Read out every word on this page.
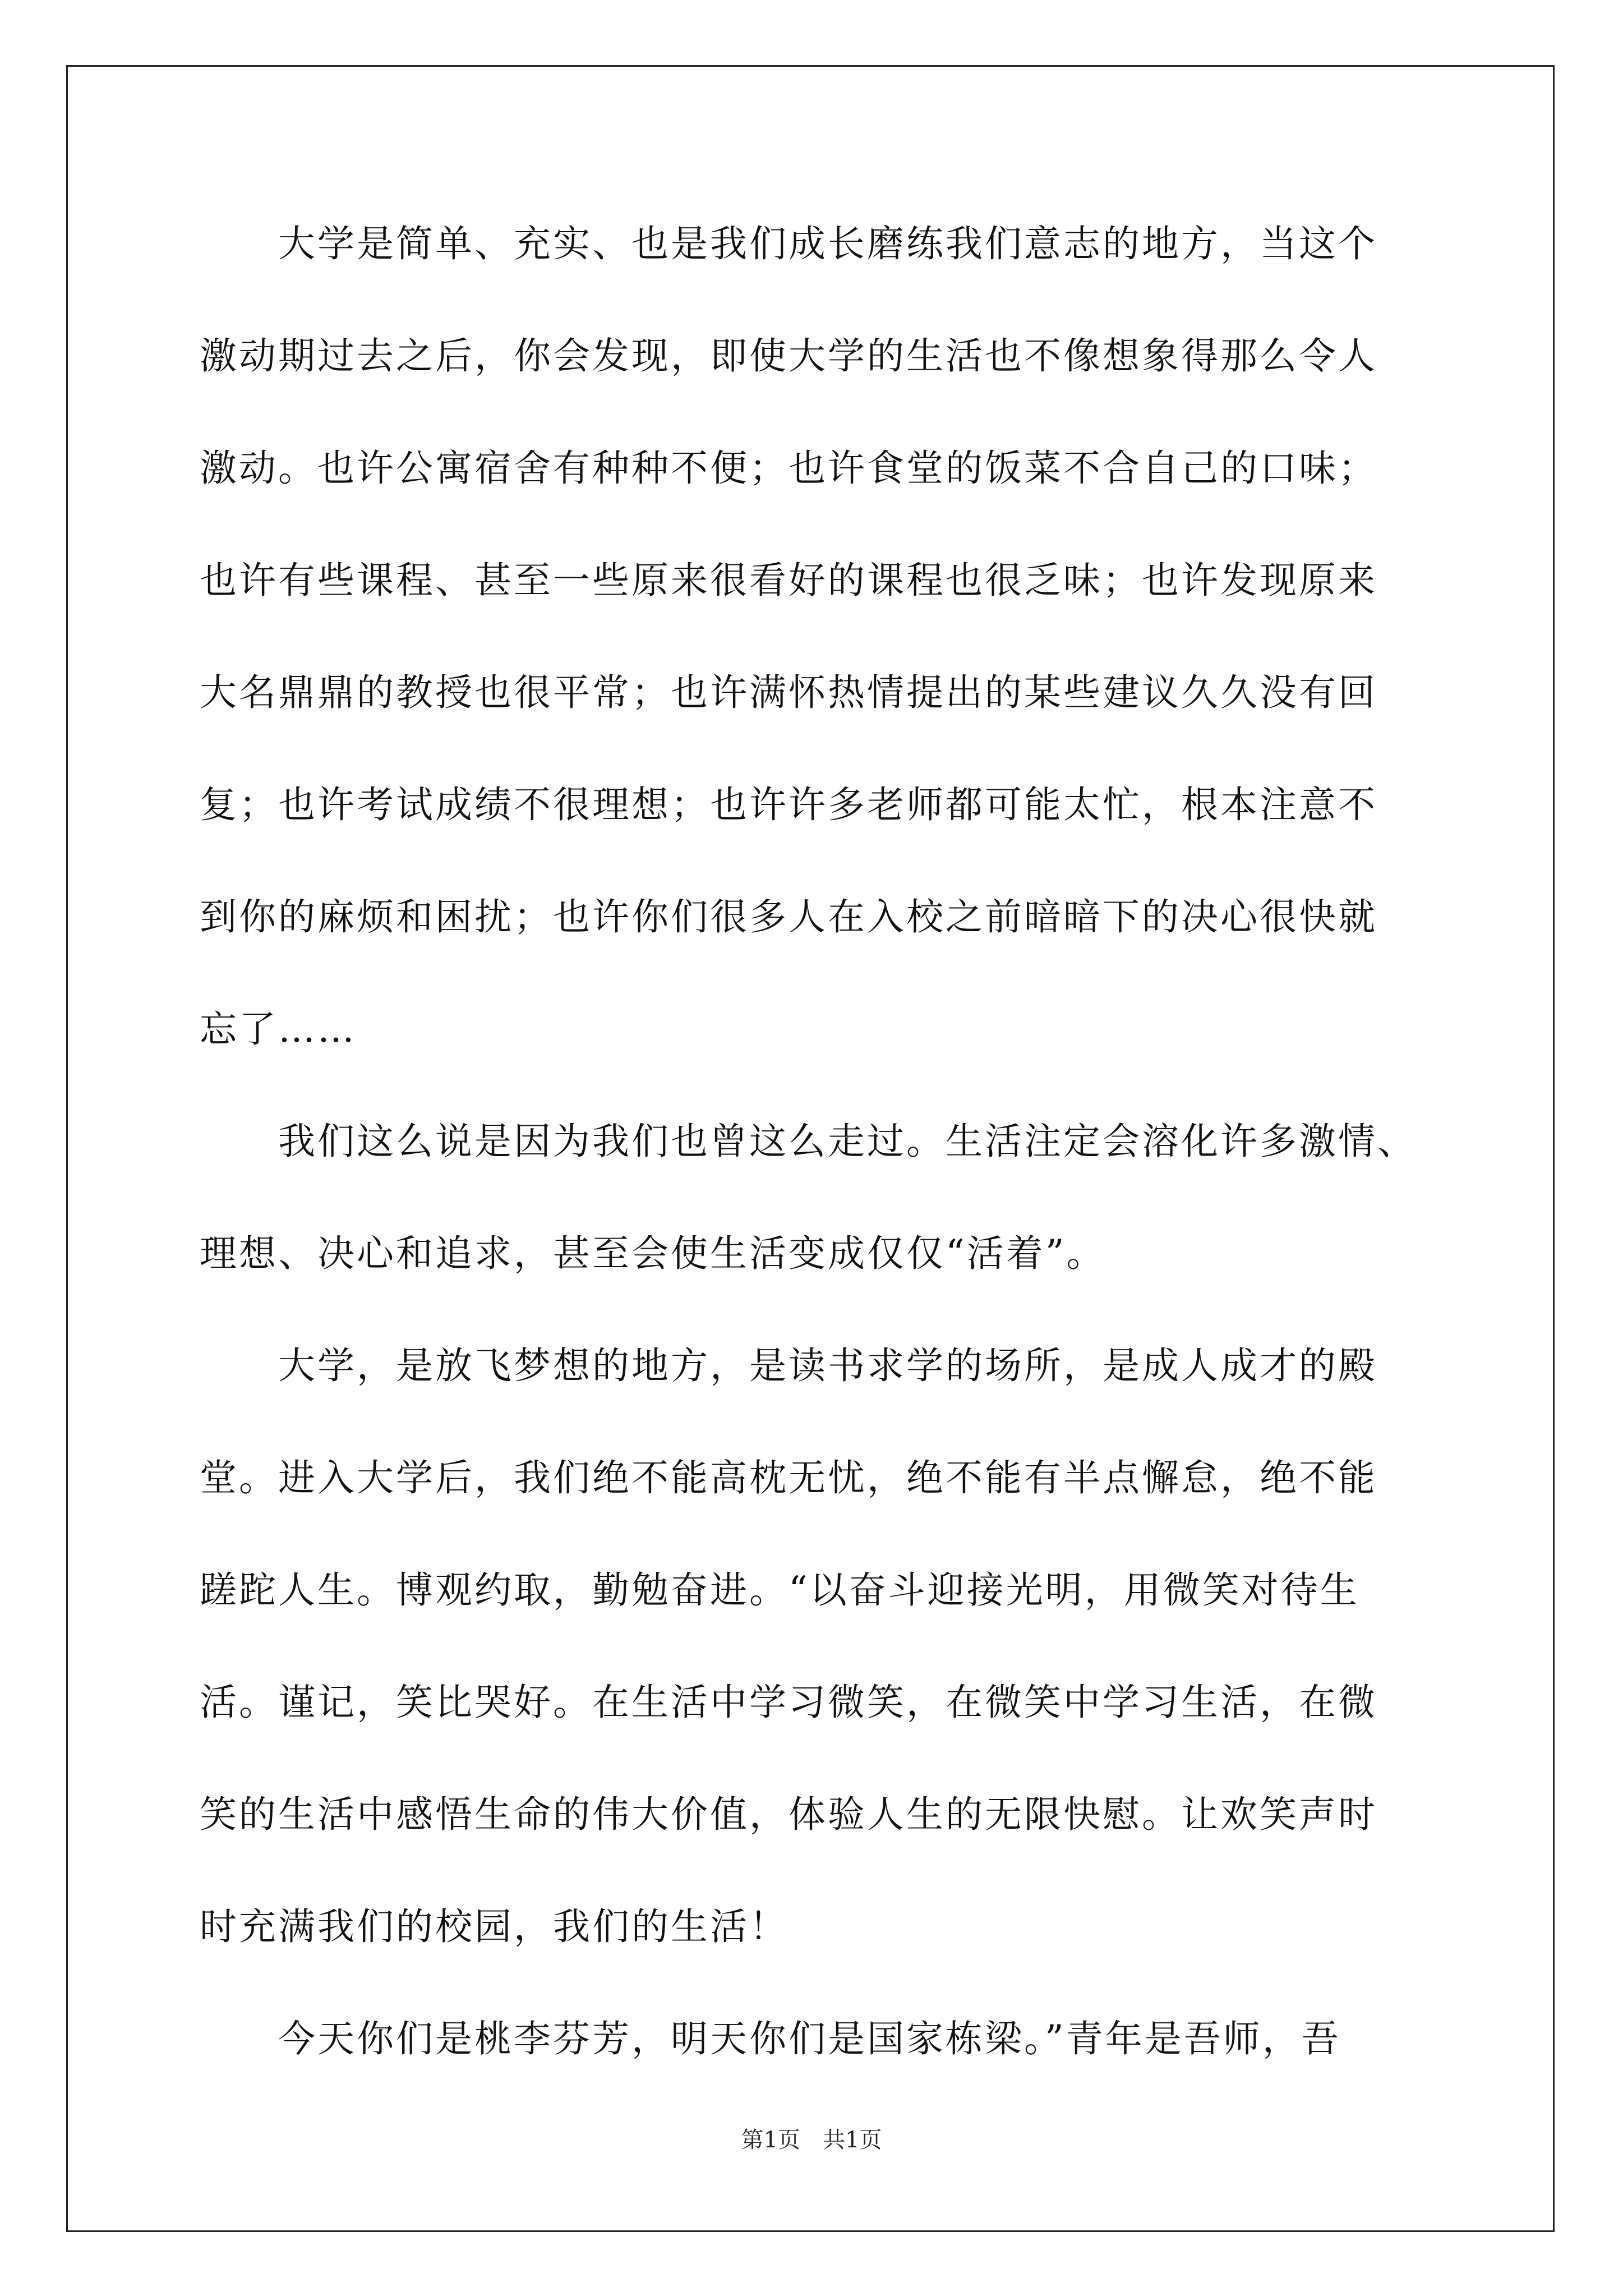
　　大学是简单、充实、也是我们成长磨练我们意志的地方，当这个
激动期过去之后，你会发现，即使大学的生活也不像想象得那么令人
激动。也许公寓宿舍有种种不便；也许食堂的饭菜不合自己的口味；
也许有些课程、甚至一些原来很看好的课程也很乏味；也许发现原来
大名鼎鼎的教授也很平常；也许满怀热情提出的某些建议久久没有回
复；也许考试成绩不很理想；也许许多老师都可能太忙，根本注意不
到你的麻烦和困扰；也许你们很多人在入校之前暗暗下的决心很快就
忘了……
　　我们这么说是因为我们也曾这么走过。生活注定会溶化许多激情、
理想、决心和追求，甚至会使生活变成仅仅“活着”。
　　大学，是放飞梦想的地方，是读书求学的场所，是成人成才的殿
堂。进入大学后，我们绝不能高枕无忧，绝不能有半点懈怠，绝不能
蹉跎人生。博观约取，勤勉奋进。“以奋斗迎接光明，用微笑对待生
活。谨记，笑比哭好。在生活中学习微笑，在微笑中学习生活，在微
笑的生活中感悟生命的伟大价值，体验人生的无限快慰。让欢笑声时
时充满我们的校园，我们的生活！
　　今天你们是桃李芬芳，明天你们是国家栋梁。”青年是吾师，吾
第1页　共1页
